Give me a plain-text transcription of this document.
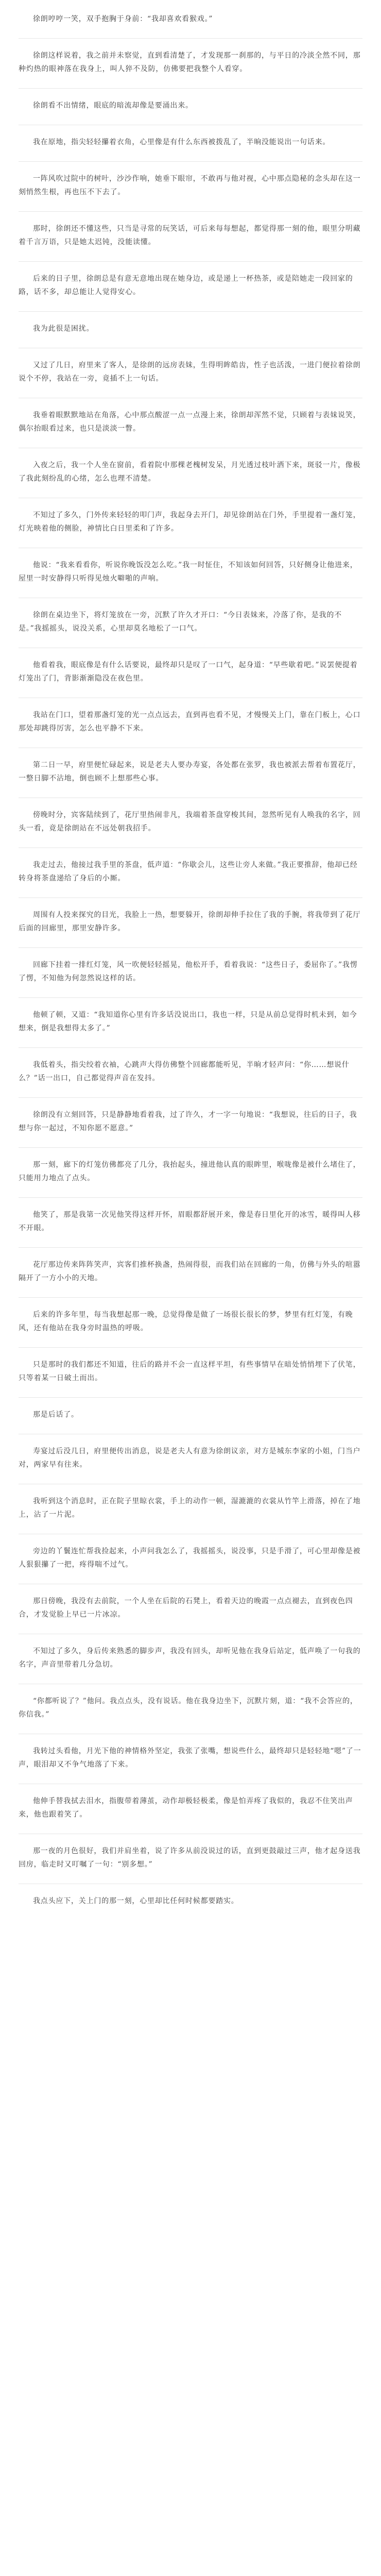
徐朗哼哼一笑，双手抱胸于身前：“我却喜欢看猴戏。”

徐朗这样说着，我之前并未察觉，直到看清楚了，才发现那一刹那的，与平日的冷淡全然不同，那种灼热的眼神落在我身上，叫人猝不及防，仿佛要把我整个人看穿。

徐朗看不出情绪，眼底的暗流却像是要涌出来。

我在原地，指尖轻轻攥着衣角，心里像是有什么东西被拨乱了，半晌没能说出一句话来。

一阵风吹过院中的树叶，沙沙作响，她垂下眼帘，不敢再与他对视，心中那点隐秘的念头却在这一刻悄然生根，再也压不下去了。

那时，徐朗还不懂这些，只当是寻常的玩笑话，可后来每每想起，都觉得那一刻的他，眼里分明藏着千言万语，只是她太迟钝，没能读懂。

后来的日子里，徐朗总是有意无意地出现在她身边，或是递上一杯热茶，或是陪她走一段回家的路，话不多，却总能让人觉得安心。

我为此很是困扰。

又过了几日，府里来了客人，是徐朗的远房表妹，生得明眸皓齿，性子也活泼，一进门便拉着徐朗说个不停，我站在一旁，竟插不上一句话。

我垂着眼默默地站在角落，心中那点酸涩一点一点漫上来，徐朗却浑然不觉，只顾着与表妹说笑，偶尔抬眼看过来，也只是淡淡一瞥。

入夜之后，我一个人坐在窗前，看着院中那棵老槐树发呆，月光透过枝叶洒下来，斑驳一片，像极了我此刻纷乱的心绪，怎么也理不清楚。

不知过了多久，门外传来轻轻的叩门声，我起身去开门，却见徐朗站在门外，手里提着一盏灯笼，灯光映着他的侧脸，神情比白日里柔和了许多。

他说：“我来看看你，听说你晚饭没怎么吃。”我一时怔住，不知该如何回答，只好侧身让他进来，屋里一时安静得只听得见烛火噼啪的声响。

徐朗在桌边坐下，将灯笼放在一旁，沉默了许久才开口：“今日表妹来，冷落了你，是我的不是。”我摇摇头，说没关系，心里却莫名地松了一口气。

他看着我，眼底像是有什么话要说，最终却只是叹了一口气，起身道：“早些歇着吧。”说罢便提着灯笼出了门，背影渐渐隐没在夜色里。

我站在门口，望着那盏灯笼的光一点点远去，直到再也看不见，才慢慢关上门，靠在门板上，心口那处却跳得厉害，怎么也平静不下来。

第二日一早，府里便忙碌起来，说是老夫人要办寿宴，各处都在张罗，我也被派去帮着布置花厅，一整日脚不沾地，倒也顾不上想那些心事。

傍晚时分，宾客陆续到了，花厅里热闹非凡，我端着茶盘穿梭其间，忽然听见有人唤我的名字，回头一看，竟是徐朗站在不远处朝我招手。

我走过去，他接过我手里的茶盘，低声道：“你歇会儿，这些让旁人来做。”我正要推辞，他却已经转身将茶盘递给了身后的小厮。

周围有人投来探究的目光，我脸上一热，想要躲开，徐朗却伸手拉住了我的手腕，将我带到了花厅后面的回廊里，那里安静许多。

回廊下挂着一排红灯笼，风一吹便轻轻摇晃，他松开手，看着我说：“这些日子，委屈你了。”我愣了愣，不知他为何忽然说这样的话。

他顿了顿，又道：“我知道你心里有许多话没说出口，我也一样，只是从前总觉得时机未到，如今想来，倒是我想得太多了。”

我低着头，指尖绞着衣袖，心跳声大得仿佛整个回廊都能听见，半晌才轻声问：“你……想说什么？”话一出口，自己都觉得声音在发抖。

徐朗没有立刻回答，只是静静地看着我，过了许久，才一字一句地说：“我想说，往后的日子，我想与你一起过，不知你愿不愿意。”

那一刻，廊下的灯笼仿佛都亮了几分，我抬起头，撞进他认真的眼眸里，喉咙像是被什么堵住了，只能用力地点了点头。

他笑了，那是我第一次见他笑得这样开怀，眉眼都舒展开来，像是春日里化开的冰雪，暖得叫人移不开眼。

花厅那边传来阵阵笑声，宾客们推杯换盏，热闹得很，而我们站在回廊的一角，仿佛与外头的喧嚣隔开了一方小小的天地。

后来的许多年里，每当我想起那一晚，总觉得像是做了一场很长很长的梦，梦里有红灯笼，有晚风，还有他站在我身旁时温热的呼吸。

只是那时的我们都还不知道，往后的路并不会一直这样平坦，有些事情早在暗处悄悄埋下了伏笔，只等着某一日破土而出。

那是后话了。

寿宴过后没几日，府里便传出消息，说是老夫人有意为徐朗议亲，对方是城东李家的小姐，门当户对，两家早有往来。

我听到这个消息时，正在院子里晾衣裳，手上的动作一顿，湿漉漉的衣裳从竹竿上滑落，掉在了地上，沾了一片泥。

旁边的丫鬟连忙帮我捡起来，小声问我怎么了，我摇摇头，说没事，只是手滑了，可心里却像是被人狠狠攥了一把，疼得喘不过气。

那日傍晚，我没有去前院，一个人坐在后院的石凳上，看着天边的晚霞一点点褪去，直到夜色四合，才发觉脸上早已一片冰凉。

不知过了多久，身后传来熟悉的脚步声，我没有回头，却听见他在我身后站定，低声唤了一句我的名字，声音里带着几分急切。

“你都听说了？”他问。我点点头，没有说话。他在我身边坐下，沉默片刻，道：“我不会答应的，你信我。”

我转过头看他，月光下他的神情格外坚定，我张了张嘴，想说些什么，最终却只是轻轻地“嗯”了一声，眼泪却又不争气地落了下来。

他伸手替我拭去泪水，指腹带着薄茧，动作却极轻极柔，像是怕弄疼了我似的，我忍不住笑出声来，他也跟着笑了。

那一夜的月色很好，我们并肩坐着，说了许多从前没说过的话，直到更鼓敲过三声，他才起身送我回房，临走时又叮嘱了一句：“别多想。”

我点头应下，关上门的那一刻，心里却比任何时候都要踏实。
